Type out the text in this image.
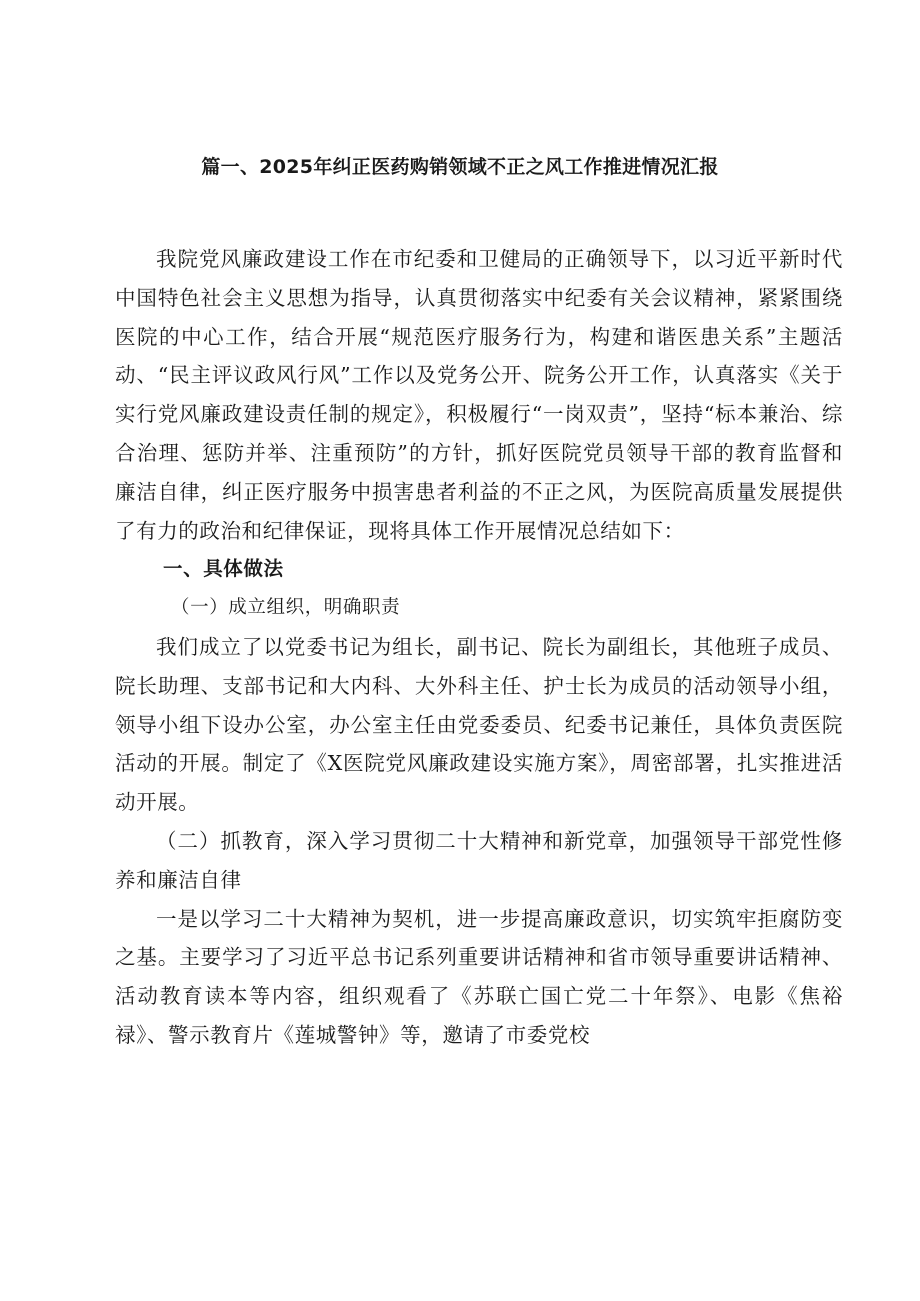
篇一、2025年纠正医药购销领域不正之风工作推进情况汇报

我院党风廉政建设工作在市纪委和卫健局的正确领导下，以习近平新时代中国特色社会主义思想为指导，认真贯彻落实中纪委有关会议精神，紧紧围绕医院的中心工作，结合开展“规范医疗服务行为，构建和谐医患关系”主题活动、“民主评议政风行风”工作以及党务公开、院务公开工作，认真落实《关于实行党风廉政建设责任制的规定》，积极履行“一岗双责”，坚持“标本兼治、综合治理、惩防并举、注重预防”的方针，抓好医院党员领导干部的教育监督和廉洁自律，纠正医疗服务中损害患者利益的不正之风，为医院高质量发展提供了有力的政治和纪律保证，现将具体工作开展情况总结如下：

一、具体做法

（一）成立组织，明确职责

我们成立了以党委书记为组长，副书记、院长为副组长，其他班子成员、院长助理、支部书记和大内科、大外科主任、护士长为成员的活动领导小组，领导小组下设办公室，办公室主任由党委委员、纪委书记兼任，具体负责医院活动的开展。制定了《X医院党风廉政建设实施方案》，周密部署，扎实推进活动开展。

（二）抓教育，深入学习贯彻二十大精神和新党章，加强领导干部党性修养和廉洁自律

一是以学习二十大精神为契机，进一步提高廉政意识，切实筑牢拒腐防变之基。主要学习了习近平总书记系列重要讲话精神和省市领导重要讲话精神、活动教育读本等内容，组织观看了《苏联亡国亡党二十年祭》、电影《焦裕禄》、警示教育片《莲城警钟》等，邀请了市委党校
